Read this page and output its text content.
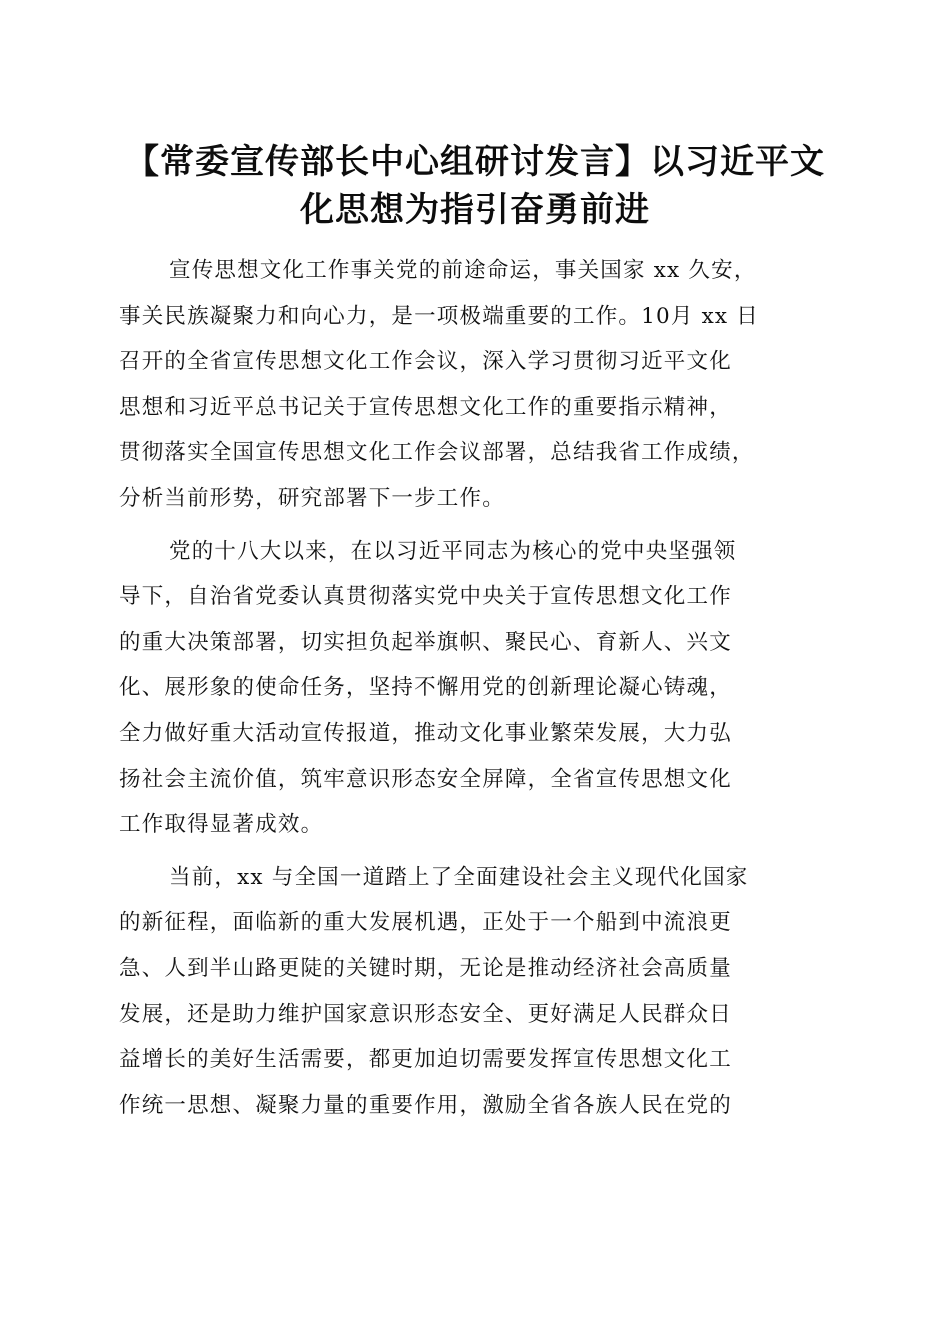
【常委宣传部长中心组研讨发言】以习近平文
化思想为指引奋勇前进

宣传思想文化工作事关党的前途命运，事关国家 xx 久安，
事关民族凝聚力和向心力，是一项极端重要的工作。10月 xx 日
召开的全省宣传思想文化工作会议，深入学习贯彻习近平文化
思想和习近平总书记关于宣传思想文化工作的重要指示精神，
贯彻落实全国宣传思想文化工作会议部署，总结我省工作成绩，
分析当前形势，研究部署下一步工作。

党的十八大以来，在以习近平同志为核心的党中央坚强领
导下，自治省党委认真贯彻落实党中央关于宣传思想文化工作
的重大决策部署，切实担负起举旗帜、聚民心、育新人、兴文
化、展形象的使命任务，坚持不懈用党的创新理论凝心铸魂，
全力做好重大活动宣传报道，推动文化事业繁荣发展，大力弘
扬社会主流价值，筑牢意识形态安全屏障，全省宣传思想文化
工作取得显著成效。

当前，xx 与全国一道踏上了全面建设社会主义现代化国家
的新征程，面临新的重大发展机遇，正处于一个船到中流浪更
急、人到半山路更陡的关键时期，无论是推动经济社会高质量
发展，还是助力维护国家意识形态安全、更好满足人民群众日
益增长的美好生活需要，都更加迫切需要发挥宣传思想文化工
作统一思想、凝聚力量的重要作用，激励全省各族人民在党的
